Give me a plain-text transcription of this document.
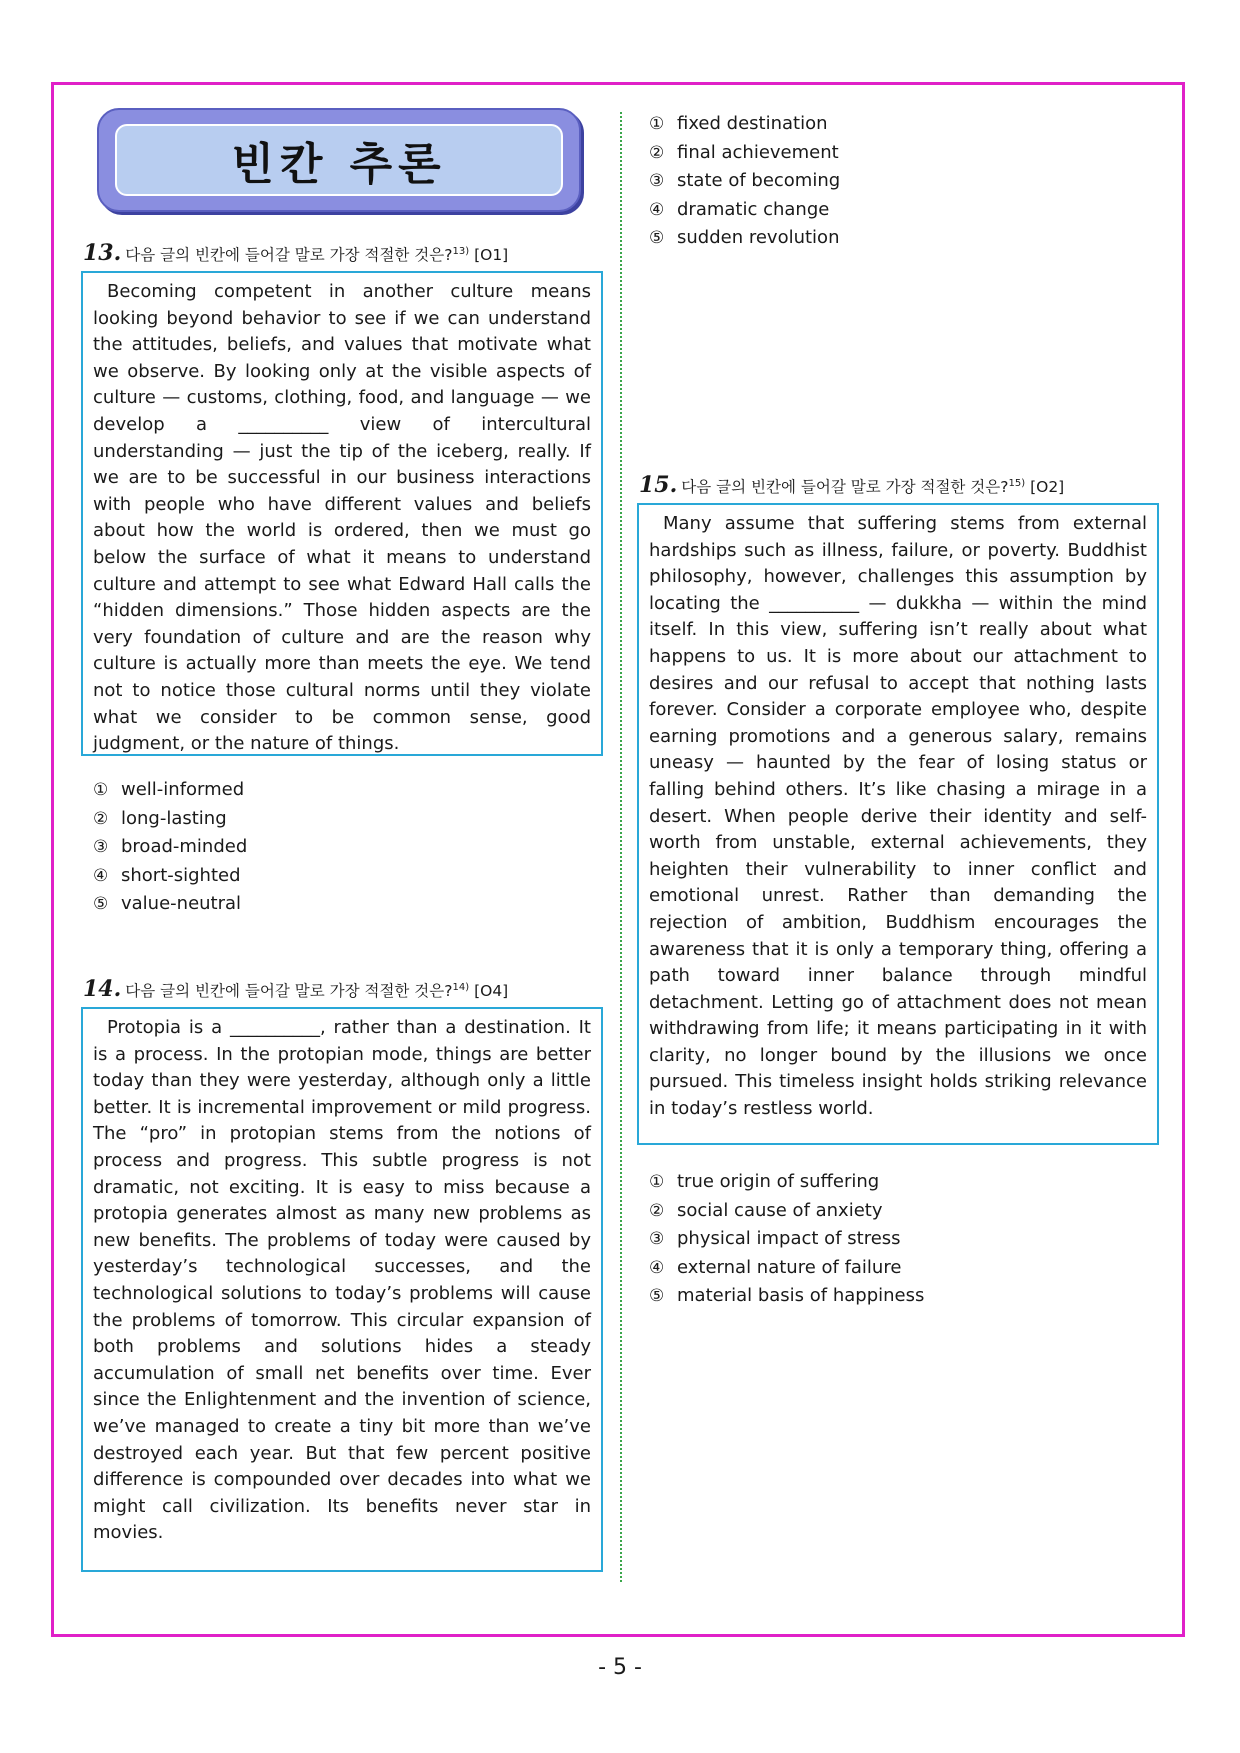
빈칸 추론
13. 다음 글의 빈칸에 들어갈 말로 가장 적절한 것은?$^{13)}$ [O1]

Becoming competent in another culture means looking beyond behavior to see if we can understand the attitudes, beliefs, and values that motivate what we observe. By looking only at the visible aspects of culture — customs, clothing, food, and language — we develop a __________ view of intercultural understanding — just the tip of the iceberg, really. If we are to be successful in our business interactions with people who have different values and beliefs about how the world is ordered, then we must go below the surface of what it means to understand culture and attempt to see what Edward Hall calls the “hidden dimensions.” Those hidden aspects are the very foundation of culture and are the reason why culture is actually more than meets the eye. We tend not to notice those cultural norms until they violate what we consider to be common sense, good judgment, or the nature of things.

① well-informed
② long-lasting
③ broad-minded
④ short-sighted
⑤ value-neutral
14. 다음 글의 빈칸에 들어갈 말로 가장 적절한 것은?$^{14)}$ [O4]

Protopia is a __________, rather than a destination. It is a process. In the protopian mode, things are better today than they were yesterday, although only a little better. It is incremental improvement or mild progress. The “pro” in protopian stems from the notions of process and progress. This subtle progress is not dramatic, not exciting. It is easy to miss because a protopia generates almost as many new problems as new benefits. The problems of today were caused by yesterday’s technological successes, and the technological solutions to today’s problems will cause the problems of tomorrow. This circular expansion of both problems and solutions hides a steady accumulation of small net benefits over time. Ever since the Enlightenment and the invention of science, we’ve managed to create a tiny bit more than we’ve destroyed each year. But that few percent positive difference is compounded over decades into what we might call civilization. Its benefits never star in movies.

① fixed destination
② final achievement
③ state of becoming
④ dramatic change
⑤ sudden revolution
15. 다음 글의 빈칸에 들어갈 말로 가장 적절한 것은?$^{15)}$ [O2]

Many assume that suffering stems from external hardships such as illness, failure, or poverty. Buddhist philosophy, however, challenges this assumption by locating the __________ — dukkha — within the mind itself. In this view, suffering isn’t really about what happens to us. It is more about our attachment to desires and our refusal to accept that nothing lasts forever. Consider a corporate employee who, despite earning promotions and a generous salary, remains uneasy — haunted by the fear of losing status or falling behind others. It’s like chasing a mirage in a desert. When people derive their identity and self-worth from unstable, external achievements, they heighten their vulnerability to inner conflict and emotional unrest. Rather than demanding the rejection of ambition, Buddhism encourages the awareness that it is only a temporary thing, offering a path toward inner balance through mindful detachment. Letting go of attachment does not mean withdrawing from life; it means participating in it with clarity, no longer bound by the illusions we once pursued. This timeless insight holds striking relevance in today’s restless world.

① true origin of suffering
② social cause of anxiety
③ physical impact of stress
④ external nature of failure
⑤ material basis of happiness
- 5 -
